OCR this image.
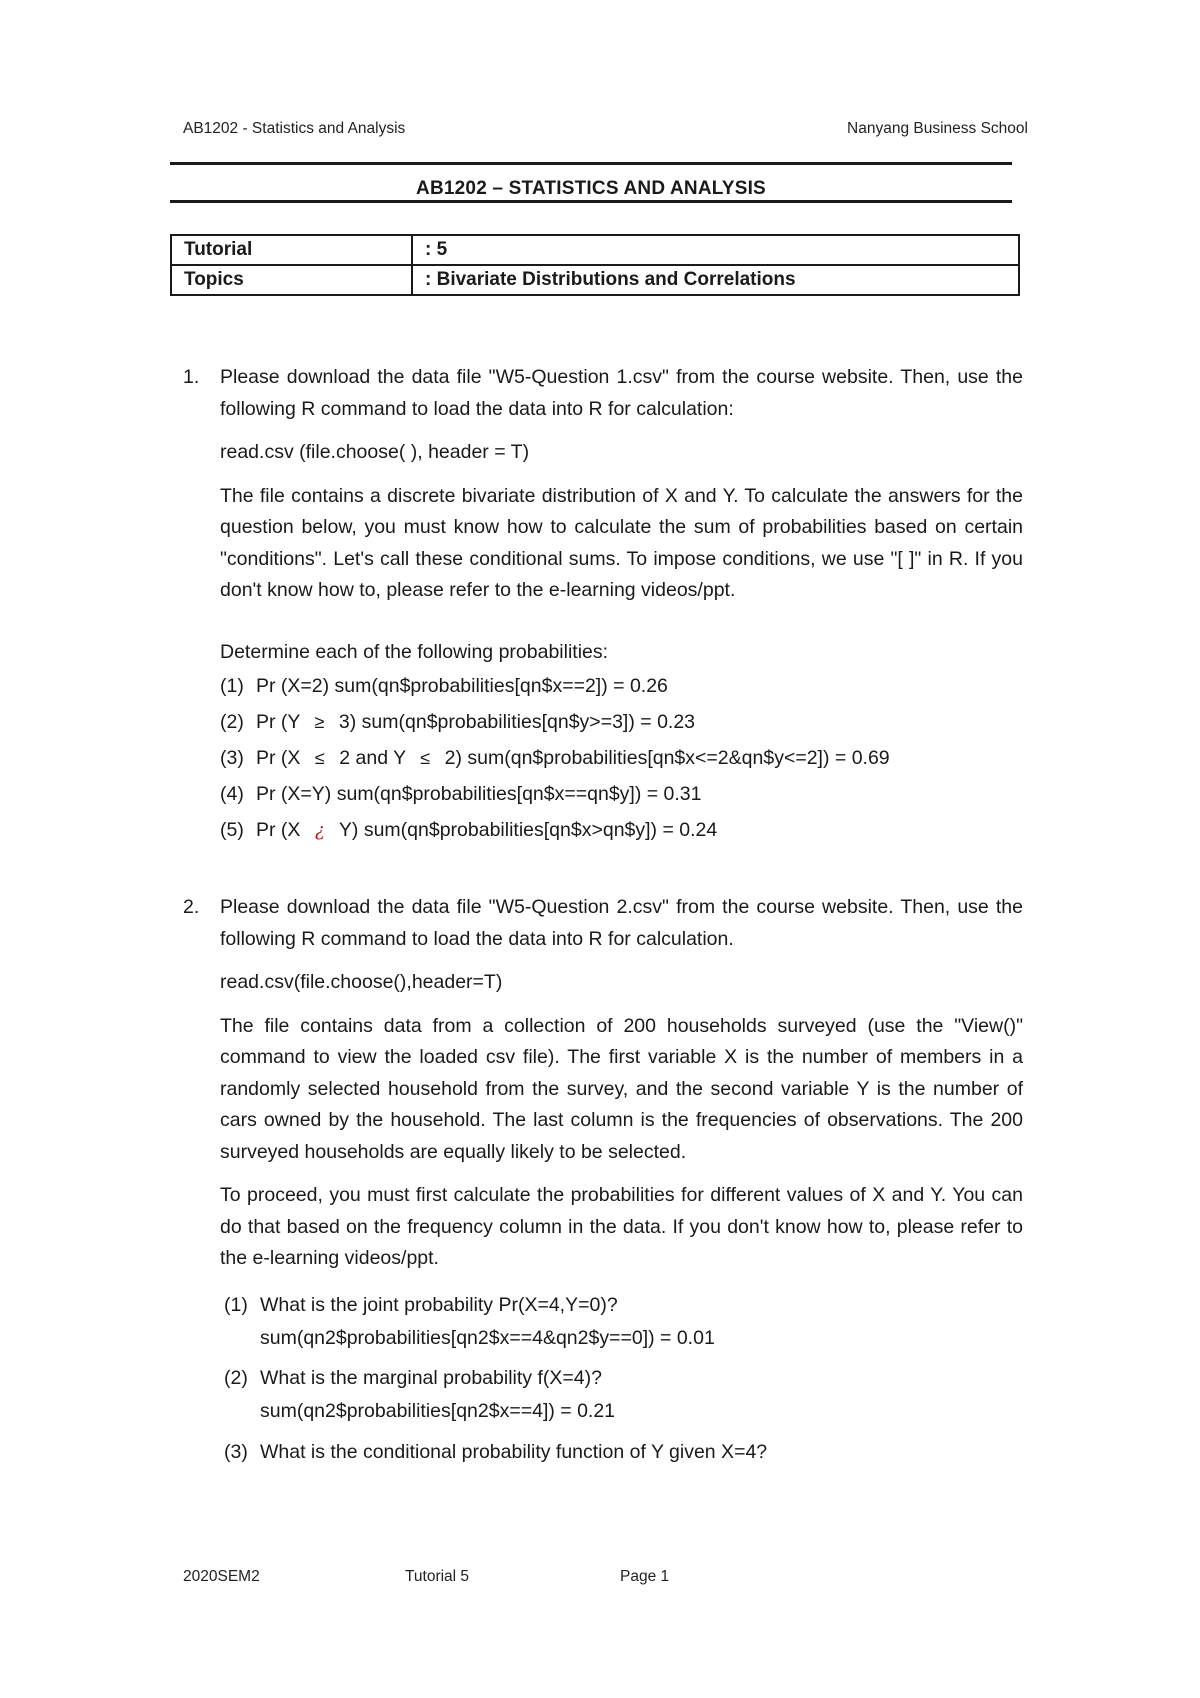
AB1202 - Statistics and Analysis	Nanyang Business School
AB1202 – STATISTICS AND ANALYSIS
Tutorial	: 5
Topics	: Bivariate Distributions and Correlations
1.	Please download the data file "W5-Question 1.csv" from the course website. Then, use the following R command to load the data into R for calculation:

read.csv (file.choose( ), header = T)

The file contains a discrete bivariate distribution of X and Y. To calculate the answers for the question below, you must know how to calculate the sum of probabilities based on certain "conditions". Let's call these conditional sums. To impose conditions, we use "[ ]" in R. If you don't know how to, please refer to the e-learning videos/ppt.

Determine each of the following probabilities:

(1) Pr (X=2) sum(qn$probabilities[qn$x==2]) = 0.26
(2) Pr (Y ≥ 3) sum(qn$probabilities[qn$y>=3]) = 0.23
(3) Pr (X ≤ 2 and Y ≤ 2) sum(qn$probabilities[qn$x<=2&qn$y<=2]) = 0.69
(4) Pr (X=Y) sum(qn$probabilities[qn$x==qn$y]) = 0.31
(5) Pr (X ¿ Y) sum(qn$probabilities[qn$x>qn$y]) = 0.24
2.	Please download the data file "W5-Question 2.csv" from the course website. Then, use the following R command to load the data into R for calculation.

read.csv(file.choose(),header=T)

The file contains data from a collection of 200 households surveyed (use the "View()" command to view the loaded csv file). The first variable X is the number of members in a randomly selected household from the survey, and the second variable Y is the number of cars owned by the household. The last column is the frequencies of observations. The 200 surveyed households are equally likely to be selected.

To proceed, you must first calculate the probabilities for different values of X and Y. You can do that based on the frequency column in the data. If you don't know how to, please refer to the e-learning videos/ppt.

(1) What is the joint probability Pr(X=4,Y=0)?

sum(qn2$probabilities[qn2$x==4&qn2$y==0]) = 0.01

(2) What is the marginal probability f(X=4)?

sum(qn2$probabilities[qn2$x==4]) = 0.21

(3) What is the conditional probability function of Y given X=4?
2020SEM2	Tutorial 5	Page 1
